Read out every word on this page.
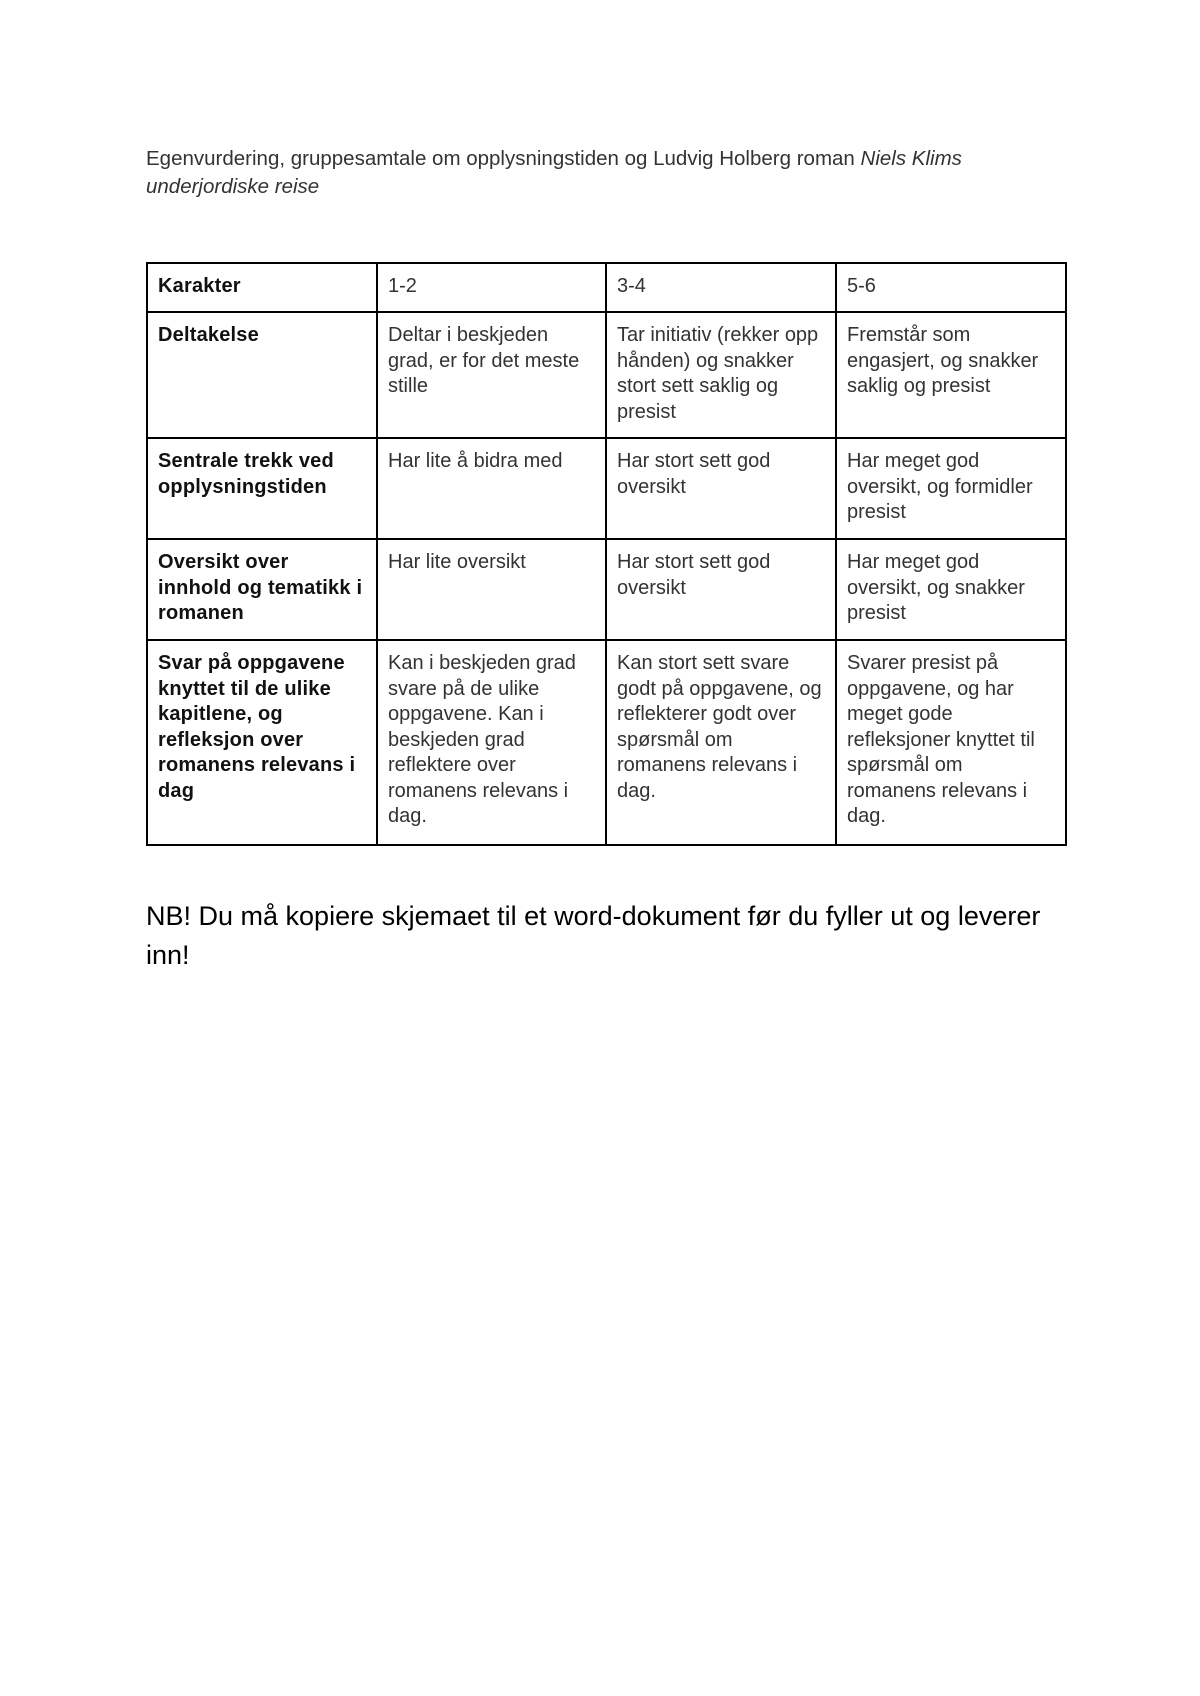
Egenvurdering, gruppesamtale om opplysningstiden og Ludvig Holberg roman Niels Klims underjordiske reise

Karakter	1-2	3-4	5-6
Deltakelse	Deltar i beskjeden grad, er for det meste stille	Tar initiativ (rekker opp hånden) og snakker stort sett saklig og presist	Fremstår som engasjert, og snakker saklig og presist
Sentrale trekk ved opplysningstiden	Har lite å bidra med	Har stort sett god oversikt	Har meget god oversikt, og formidler presist
Oversikt over innhold og tematikk i romanen	Har lite oversikt	Har stort sett god oversikt	Har meget god oversikt, og snakker presist
Svar på oppgavene knyttet til de ulike kapitlene, og refleksjon over romanens relevans i dag	Kan i beskjeden grad svare på de ulike oppgavene. Kan i beskjeden grad reflektere over romanens relevans i dag.	Kan stort sett svare godt på oppgavene, og reflekterer godt over spørsmål om romanens relevans i dag.	Svarer presist på oppgavene, og har meget gode refleksjoner knyttet til spørsmål om romanens relevans i dag.

NB! Du må kopiere skjemaet til et word-dokument før du fyller ut og leverer inn!
